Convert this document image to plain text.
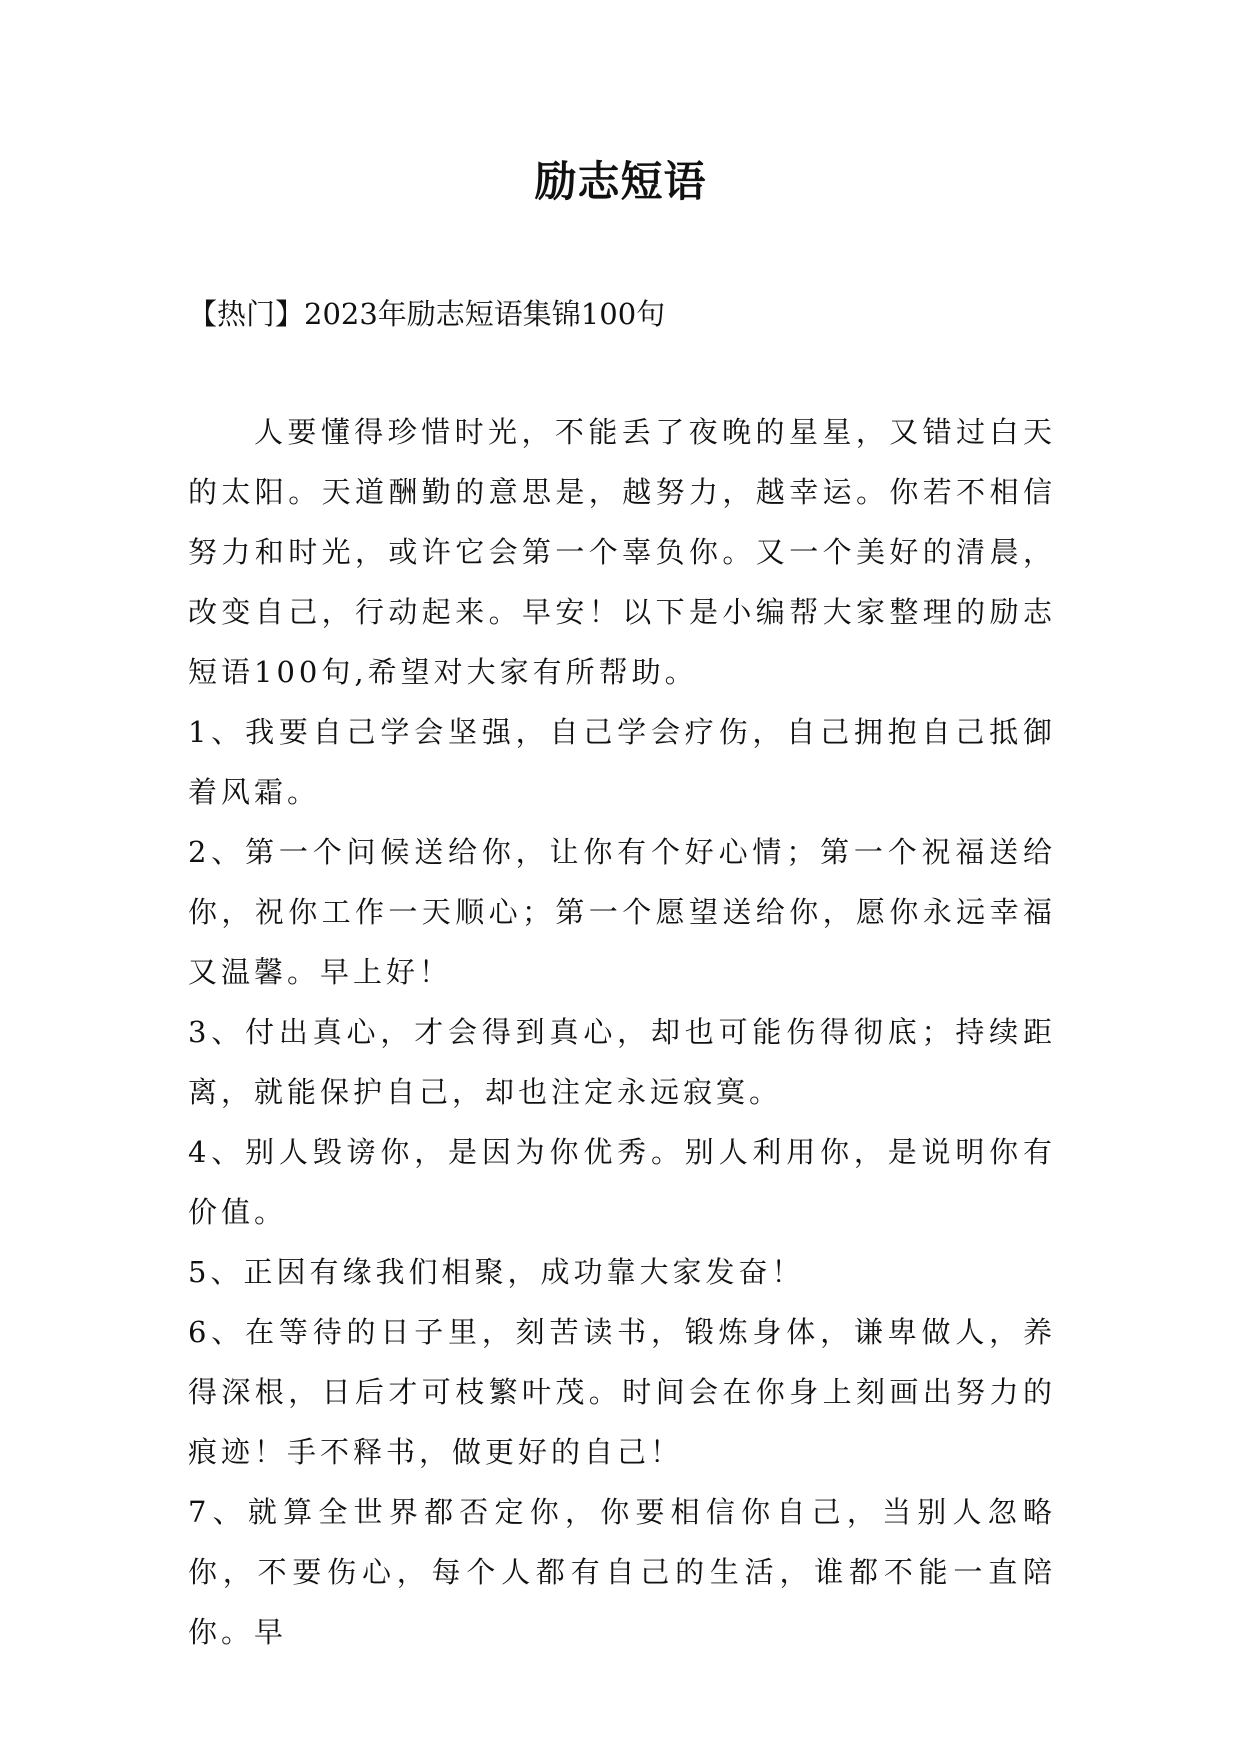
励志短语

【热门】2023年励志短语集锦100句

人要懂得珍惜时光，不能丢了夜晚的星星，又错过白天的太阳。天道酬勤的意思是，越努力，越幸运。你若不相信努力和时光，或许它会第一个辜负你。又一个美好的清晨，改变自己，行动起来。早安！以下是小编帮大家整理的励志短语100句,希望对大家有所帮助。

1、我要自己学会坚强，自己学会疗伤，自己拥抱自己抵御着风霜。

2、第一个问候送给你，让你有个好心情；第一个祝福送给你，祝你工作一天顺心；第一个愿望送给你，愿你永远幸福又温馨。早上好！

3、付出真心，才会得到真心，却也可能伤得彻底；持续距离，就能保护自己，却也注定永远寂寞。

4、别人毁谤你，是因为你优秀。别人利用你，是说明你有价值。

5、正因有缘我们相聚，成功靠大家发奋！

6、在等待的日子里，刻苦读书，锻炼身体，谦卑做人，养得深根，日后才可枝繁叶茂。时间会在你身上刻画出努力的痕迹！手不释书，做更好的自己！

7、就算全世界都否定你，你要相信你自己，当别人忽略你，不要伤心，每个人都有自己的生活，谁都不能一直陪你。早
